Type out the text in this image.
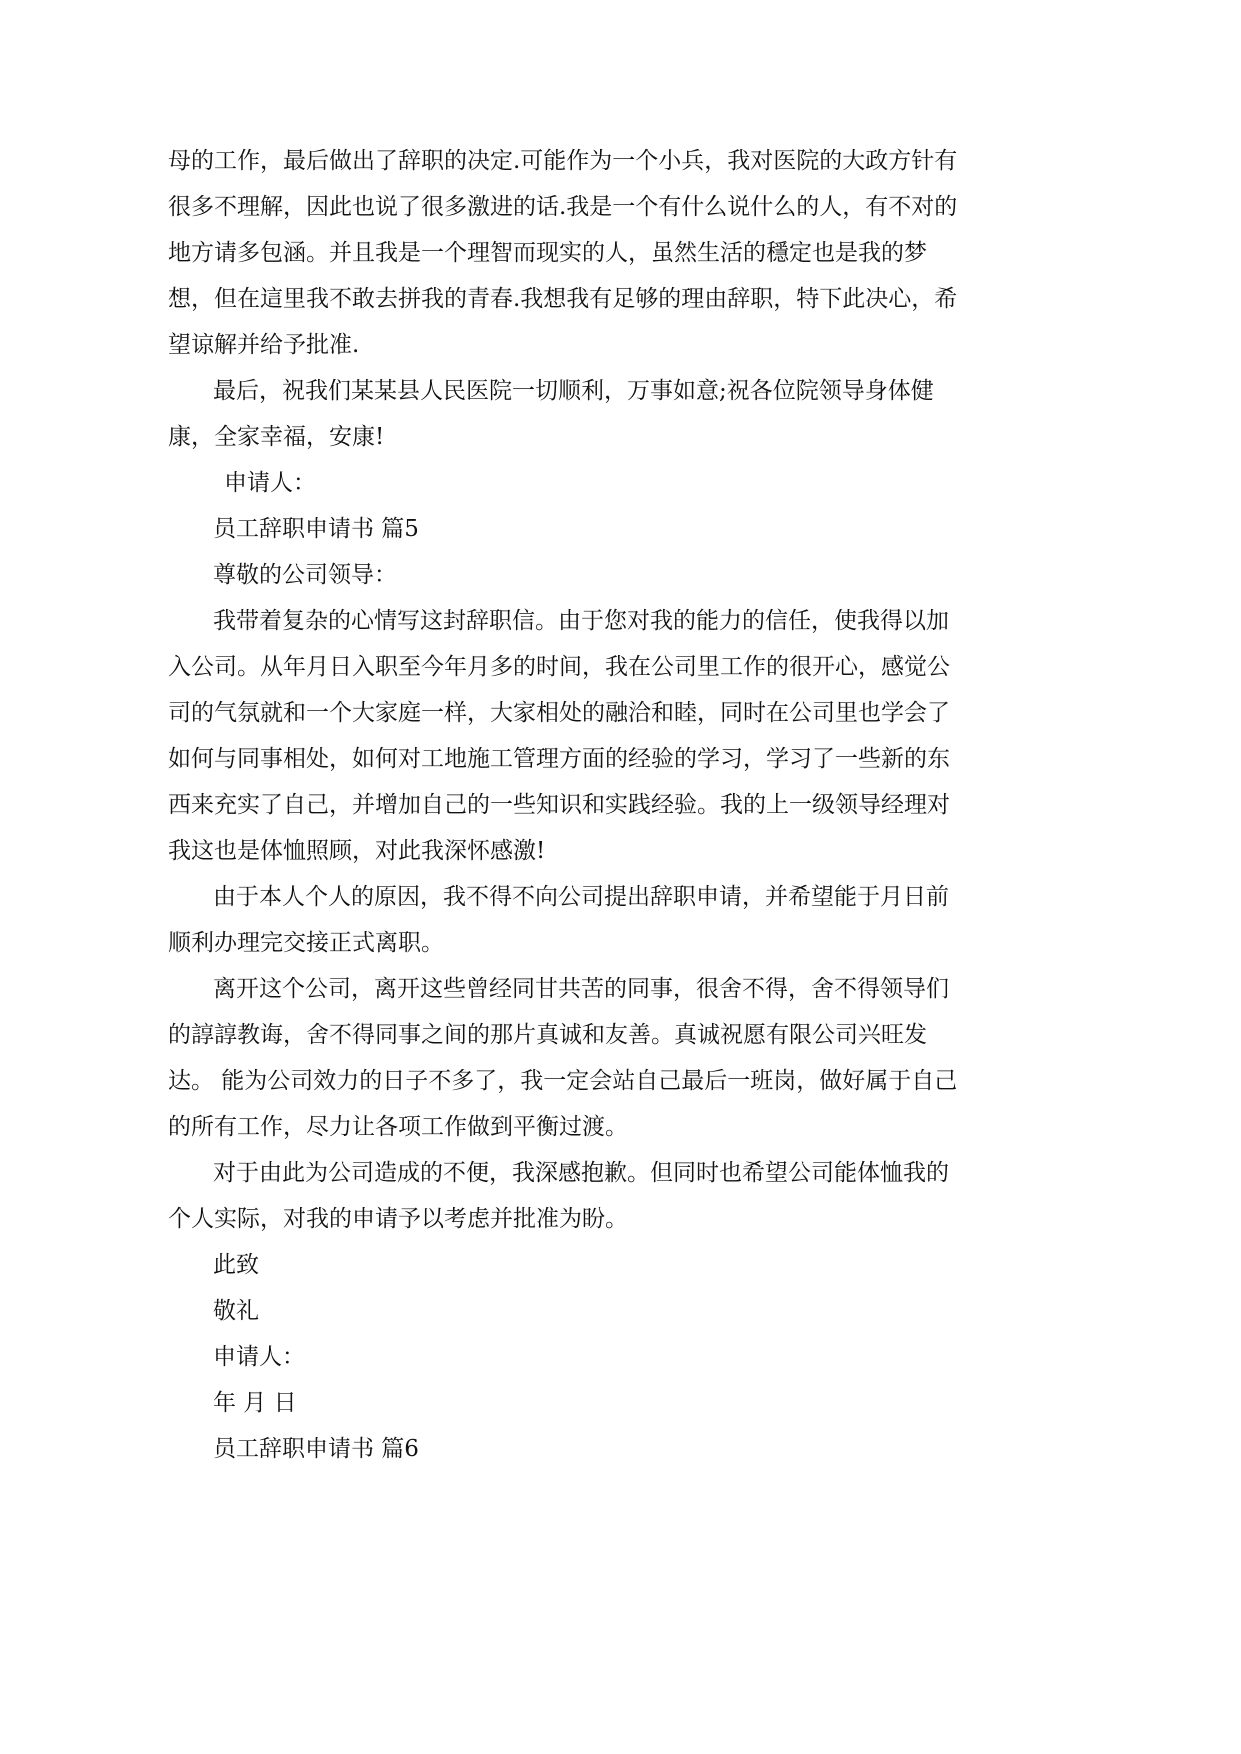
母的工作，最后做出了辞职的决定.可能作为一个小兵，我对医院的大政方针有
很多不理解，因此也说了很多激进的话.我是一个有什么说什么的人，有不对的
地方请多包涵。并且我是一个理智而现实的人，虽然生活的穩定也是我的梦
想，但在這里我不敢去拼我的青春.我想我有足够的理由辞职，特下此决心，希
望谅解并给予批准.
最后，祝我们某某县人民医院一切顺利，万事如意;祝各位院领导身体健
康，全家幸福，安康!
申请人：
员工辞职申请书 篇5
尊敬的公司领导：
我带着复杂的心情写这封辞职信。由于您对我的能力的信任，使我得以加
入公司。从年月日入职至今年月多的时间，我在公司里工作的很开心，感觉公
司的气氛就和一个大家庭一样，大家相处的融洽和睦，同时在公司里也学会了
如何与同事相处，如何对工地施工管理方面的经验的学习，学习了一些新的东
西来充实了自己，并增加自己的一些知识和实践经验。我的上一级领导经理对
我这也是体恤照顾，对此我深怀感激!
由于本人个人的原因，我不得不向公司提出辞职申请，并希望能于月日前
顺利办理完交接正式离职。
离开这个公司，离开这些曾经同甘共苦的同事，很舍不得，舍不得领导们
的諄諄教诲，舍不得同事之间的那片真诚和友善。真诚祝愿有限公司兴旺发
达。 能为公司效力的日子不多了，我一定会站自己最后一班岗，做好属于自己
的所有工作，尽力让各项工作做到平衡过渡。
对于由此为公司造成的不便，我深感抱歉。但同时也希望公司能体恤我的
个人实际，对我的申请予以考虑并批准为盼。
此致
敬礼
申请人：
年 月 日
员工辞职申请书 篇6
